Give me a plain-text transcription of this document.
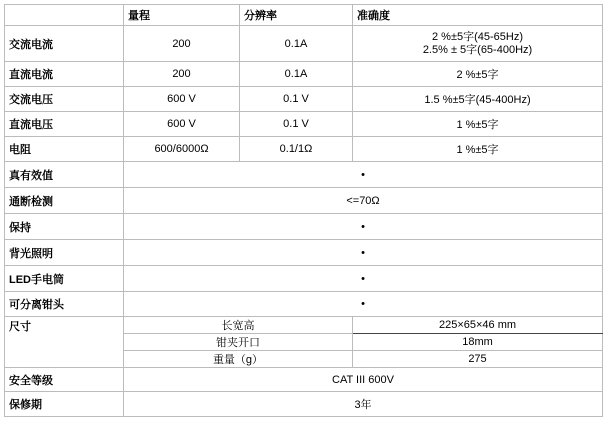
	量程	分辨率	准确度
交流电流	200	0.1A	2 %±5字(45-65Hz)
2.5% ± 5字(65-400Hz)

直流电流	200	0.1A	2 %±5字
交流电压	600 V	0.1 V	1.5 %±5字(45-400Hz)
直流电压	600 V	0.1 V	1 %±5字
电阻	600/6000Ω	0.1/1Ω	1 %±5字
真有效值	•		
通断检测	<=70Ω		
保持	•		
背光照明	•		
LED手电筒	•		
可分离钳头	•		
尺寸	长宽高		225×65×46 mm
	钳夹开口		18mm
	重量（g）		275
安全等级	CAT III 600V		
保修期	3年		
